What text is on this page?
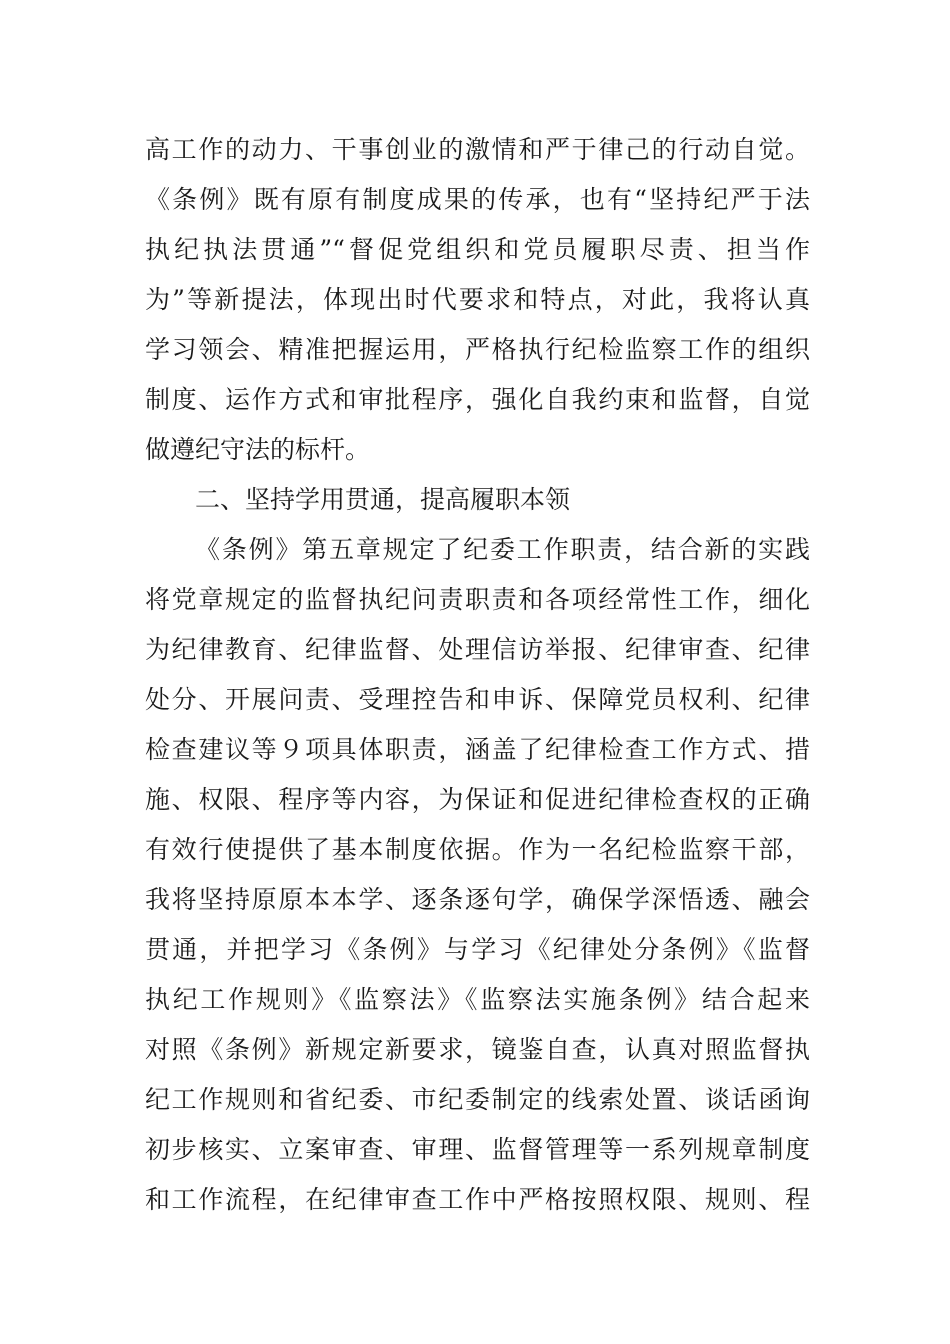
高工作的动力、干事创业的激情和严于律己的行动自觉。
《条例》既有原有制度成果的传承，也有“坚持纪严于法
执纪执法贯通”“督促党组织和党员履职尽责、担当作
为”等新提法，体现出时代要求和特点，对此，我将认真
学习领会、精准把握运用，严格执行纪检监察工作的组织
制度、运作方式和审批程序，强化自我约束和监督，自觉
做遵纪守法的标杆。
二、坚持学用贯通，提高履职本领
《条例》第五章规定了纪委工作职责，结合新的实践
将党章规定的监督执纪问责职责和各项经常性工作，细化
为纪律教育、纪律监督、处理信访举报、纪律审查、纪律
处分、开展问责、受理控告和申诉、保障党员权利、纪律
检查建议等９项具体职责，涵盖了纪律检查工作方式、措
施、权限、程序等内容，为保证和促进纪律检查权的正确
有效行使提供了基本制度依据。作为一名纪检监察干部，
我将坚持原原本本学、逐条逐句学，确保学深悟透、融会
贯通，并把学习《条例》与学习《纪律处分条例》《监督
执纪工作规则》《监察法》《监察法实施条例》结合起来
对照《条例》新规定新要求，镜鉴自查，认真对照监督执
纪工作规则和省纪委、市纪委制定的线索处置、谈话函询
初步核实、立案审查、审理、监督管理等一系列规章制度
和工作流程，在纪律审查工作中严格按照权限、规则、程
